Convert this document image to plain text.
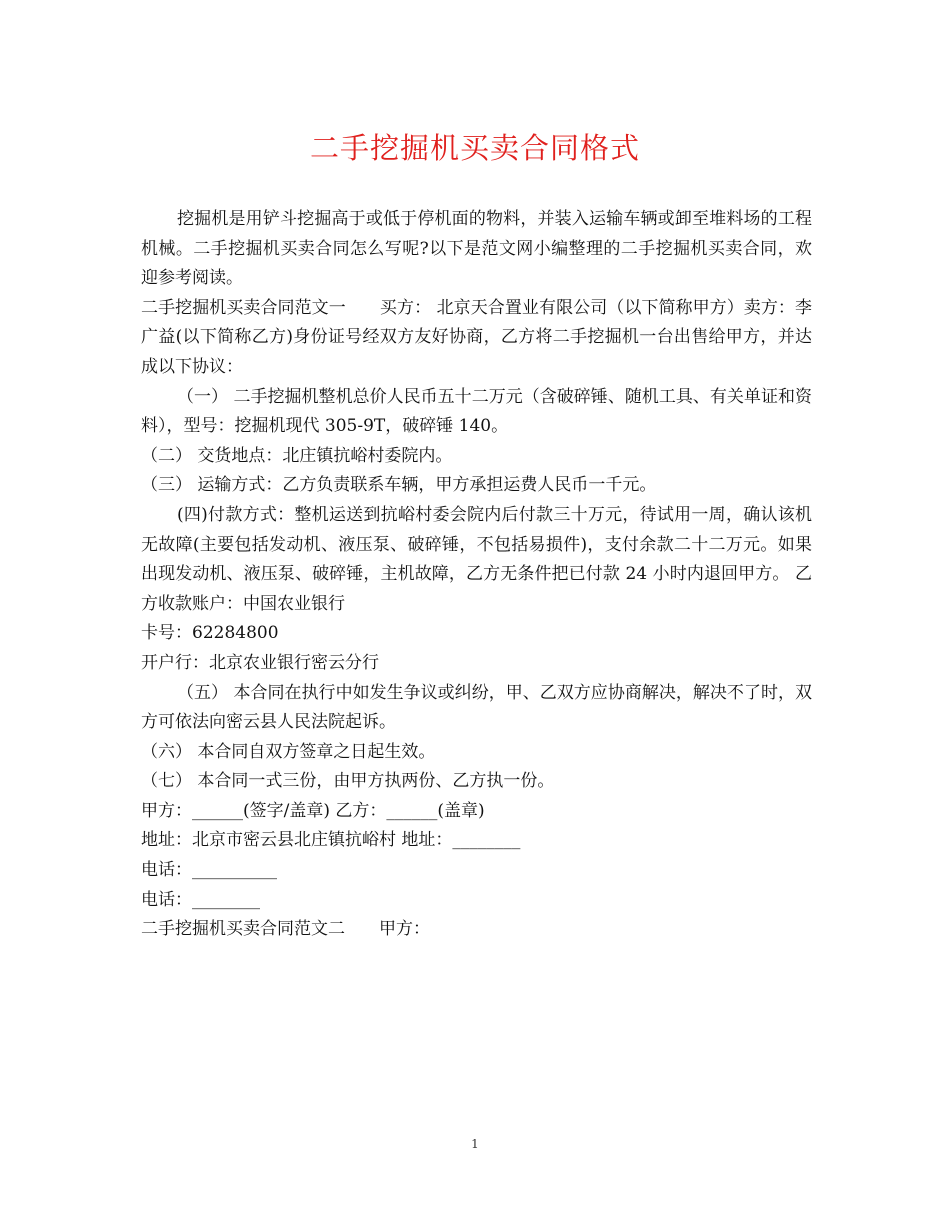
二手挖掘机买卖合同格式

挖掘机是用铲斗挖掘高于或低于停机面的物料，并装入运输车辆或卸至堆料场的工程机械。二手挖掘机买卖合同怎么写呢?以下是范文网小编整理的二手挖掘机买卖合同，欢迎参考阅读。

二手挖掘机买卖合同范文一　　买方： 北京天合置业有限公司（以下简称甲方）卖方：李广益(以下简称乙方)身份证号经双方友好协商，乙方将二手挖掘机一台出售给甲方，并达成以下协议：

（一） 二手挖掘机整机总价人民币五十二万元（含破碎锤、随机工具、有关单证和资料），型号：挖掘机现代 305-9T，破碎锤 140。

（二） 交货地点：北庄镇抗峪村委院内。

（三） 运输方式：乙方负责联系车辆，甲方承担运费人民币一千元。

(四)付款方式：整机运送到抗峪村委会院内后付款三十万元，待试用一周，确认该机无故障(主要包括发动机、液压泵、破碎锤，不包括易损件)，支付余款二十二万元。如果出现发动机、液压泵、破碎锤，主机故障，乙方无条件把已付款 24 小时内退回甲方。 乙方收款账户：中国农业银行

卡号：62284800

开户行：北京农业银行密云分行

（五） 本合同在执行中如发生争议或纠纷，甲、乙双方应协商解决，解决不了时，双方可依法向密云县人民法院起诉。

（六） 本合同自双方签章之日起生效。

（七） 本合同一式三份，由甲方执两份、乙方执一份。

甲方：______(签字/盖章) 乙方：______(盖章)

地址：北京市密云县北庄镇抗峪村 地址：________

电话：__________

电话：________

二手挖掘机买卖合同范文二　　甲方：

1
